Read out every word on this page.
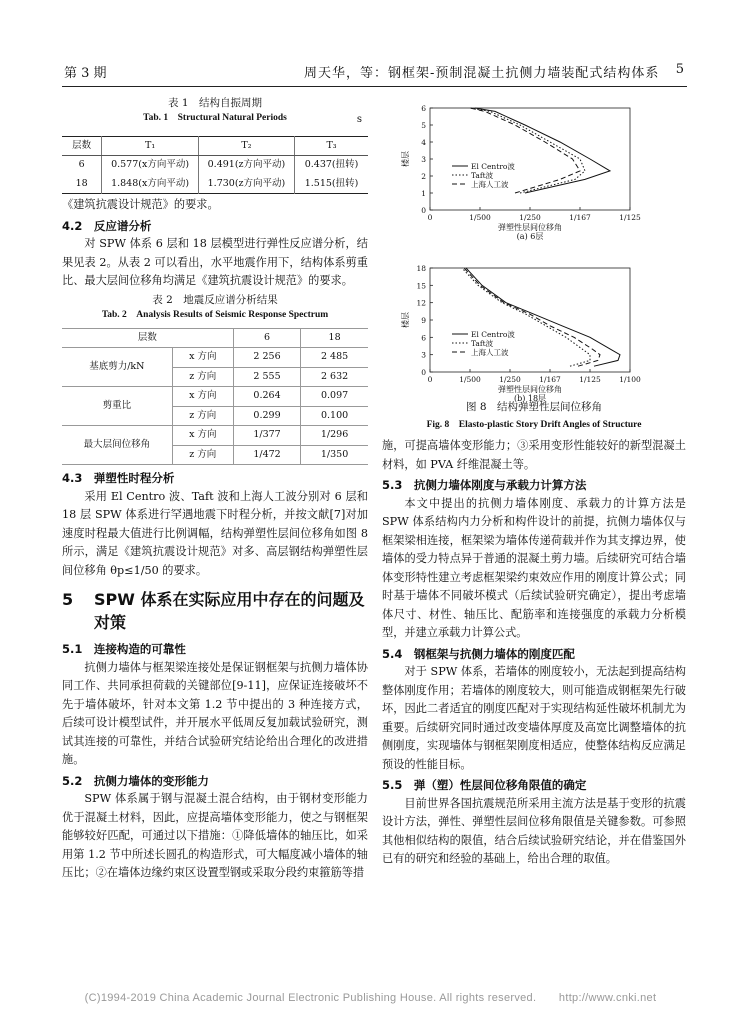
第 3 期	周天华，等：钢框架-预制混凝土抗侧力墙装配式结构体系 5
表 1　结构自振周期
Tab. 1　Structural Natural Periods	s
层数	T₁	T₂	T₃
6	0.577(x方向平动)	0.491(z方向平动)	0.437(扭转)
18	1.848(x方向平动)	1.730(z方向平动)	1.515(扭转)

《建筑抗震设计规范》的要求。

4.2　反应谱分析

对 SPW 体系 6 层和 18 层模型进行弹性反应谱分析，结果见表 2。从表 2 可以看出，水平地震作用下，结构体系剪重比、最大层间位移角均满足《建筑抗震设计规范》的要求。

表 2　地震反应谱分析结果
Tab. 2　Analysis Results of Seismic Response Spectrum
层数		6	18
基底剪力/kN	x 方向	2 256	2 485
	z 方向	2 555	2 632
剪重比	x 方向	0.264	0.097
	z 方向	0.299	0.100
最大层间位移角	x 方向	1/377	1/296
	z 方向	1/472	1/350
4.3　弹塑性时程分析

采用 El Centro 波、Taft 波和上海人工波分别对 6 层和 18 层 SPW 体系进行罕遇地震下时程分析，并按文献[7]对加速度时程最大值进行比例调幅，结构弹塑性层间位移角如图 8 所示，满足《建筑抗震设计规范》对多、高层钢结构弹塑性层间位移角 θp≤1/50 的要求。

5	SPW 体系在实际应用中存在的问题及对策
5.1　连接构造的可靠性

抗侧力墙体与框架梁连接处是保证钢框架与抗侧力墙体协同工作、共同承担荷载的关键部位[9-11]，应保证连接破坏不先于墙体破坏，针对本文第 1.2 节中提出的 3 种连接方式，后续可设计模型试件，并开展水平低周反复加载试验研究，测试其连接的可靠性，并结合试验研究结论给出合理化的改进措施。

5.2　抗侧力墙体的变形能力

SPW 体系属于钢与混凝土混合结构，由于钢材变形能力优于混凝土材料，因此，应提高墙体变形能力，使之与钢框架能够较好匹配，可通过以下措施：①降低墙体的轴压比，如采用第 1.2 节中所述长圆孔的构造形式，可大幅度减小墙体的轴压比；②在墙体边缘约束区设置型钢或采取分段约束箍筋等措

0	1/500	1/250	1/167	1/125
0
1
2
3
4
5
6
El Centro波
Taft波
上海人工波
弹塑性层间位移角
(a) 6层
楼层
0	1/500 1/250 1/167 1/125 1/100
0
3
6
9
12
15
18
El Centro波
Taft波
上海人工波
弹塑性层间位移角
(b) 18层
楼层
图 8　结构弹塑性层间位移角
Fig. 8　Elasto-plastic Story Drift Angles of Structure

施，可提高墙体变形能力；③采用变形性能较好的新型混凝土材料，如 PVA 纤维混凝土等。

5.3　抗侧力墙体刚度与承载力计算方法

本文中提出的抗侧力墙体刚度、承载力的计算方法是 SPW 体系结构内力分析和构件设计的前提，抗侧力墙体仅与框架梁相连接，框架梁为墙体传递荷载并作为其支撑边界，使墙体的受力特点异于普通的混凝土剪力墙。后续研究可结合墙体变形特性建立考虑框架梁约束效应作用的刚度计算公式；同时基于墙体不同破坏模式（后续试验研究确定），提出考虑墙体尺寸、材性、轴压比、配筋率和连接强度的承载力分析模型，并建立承载力计算公式。

5.4　钢框架与抗侧力墙体的刚度匹配

对于 SPW 体系，若墙体的刚度较小，无法起到提高结构整体刚度作用；若墙体的刚度较大，则可能造成钢框架先行破坏，因此二者适宜的刚度匹配对于实现结构延性破坏机制尤为重要。后续研究同时通过改变墙体厚度及高宽比调整墙体的抗侧刚度，实现墙体与钢框架刚度相适应，使整体结构反应满足预设的性能目标。

5.5　弹（塑）性层间位移角限值的确定

目前世界各国抗震规范所采用主流方法是基于变形的抗震设计方法，弹性、弹塑性层间位移角限值是关键参数。可参照其他相似结构的限值，结合后续试验研究结论，并在借鉴国外已有的研究和经验的基础上，给出合理的取值。

(C)1994-2019 China Academic Journal Electronic Publishing House. All rights reserved.　　http://www.cnki.net
